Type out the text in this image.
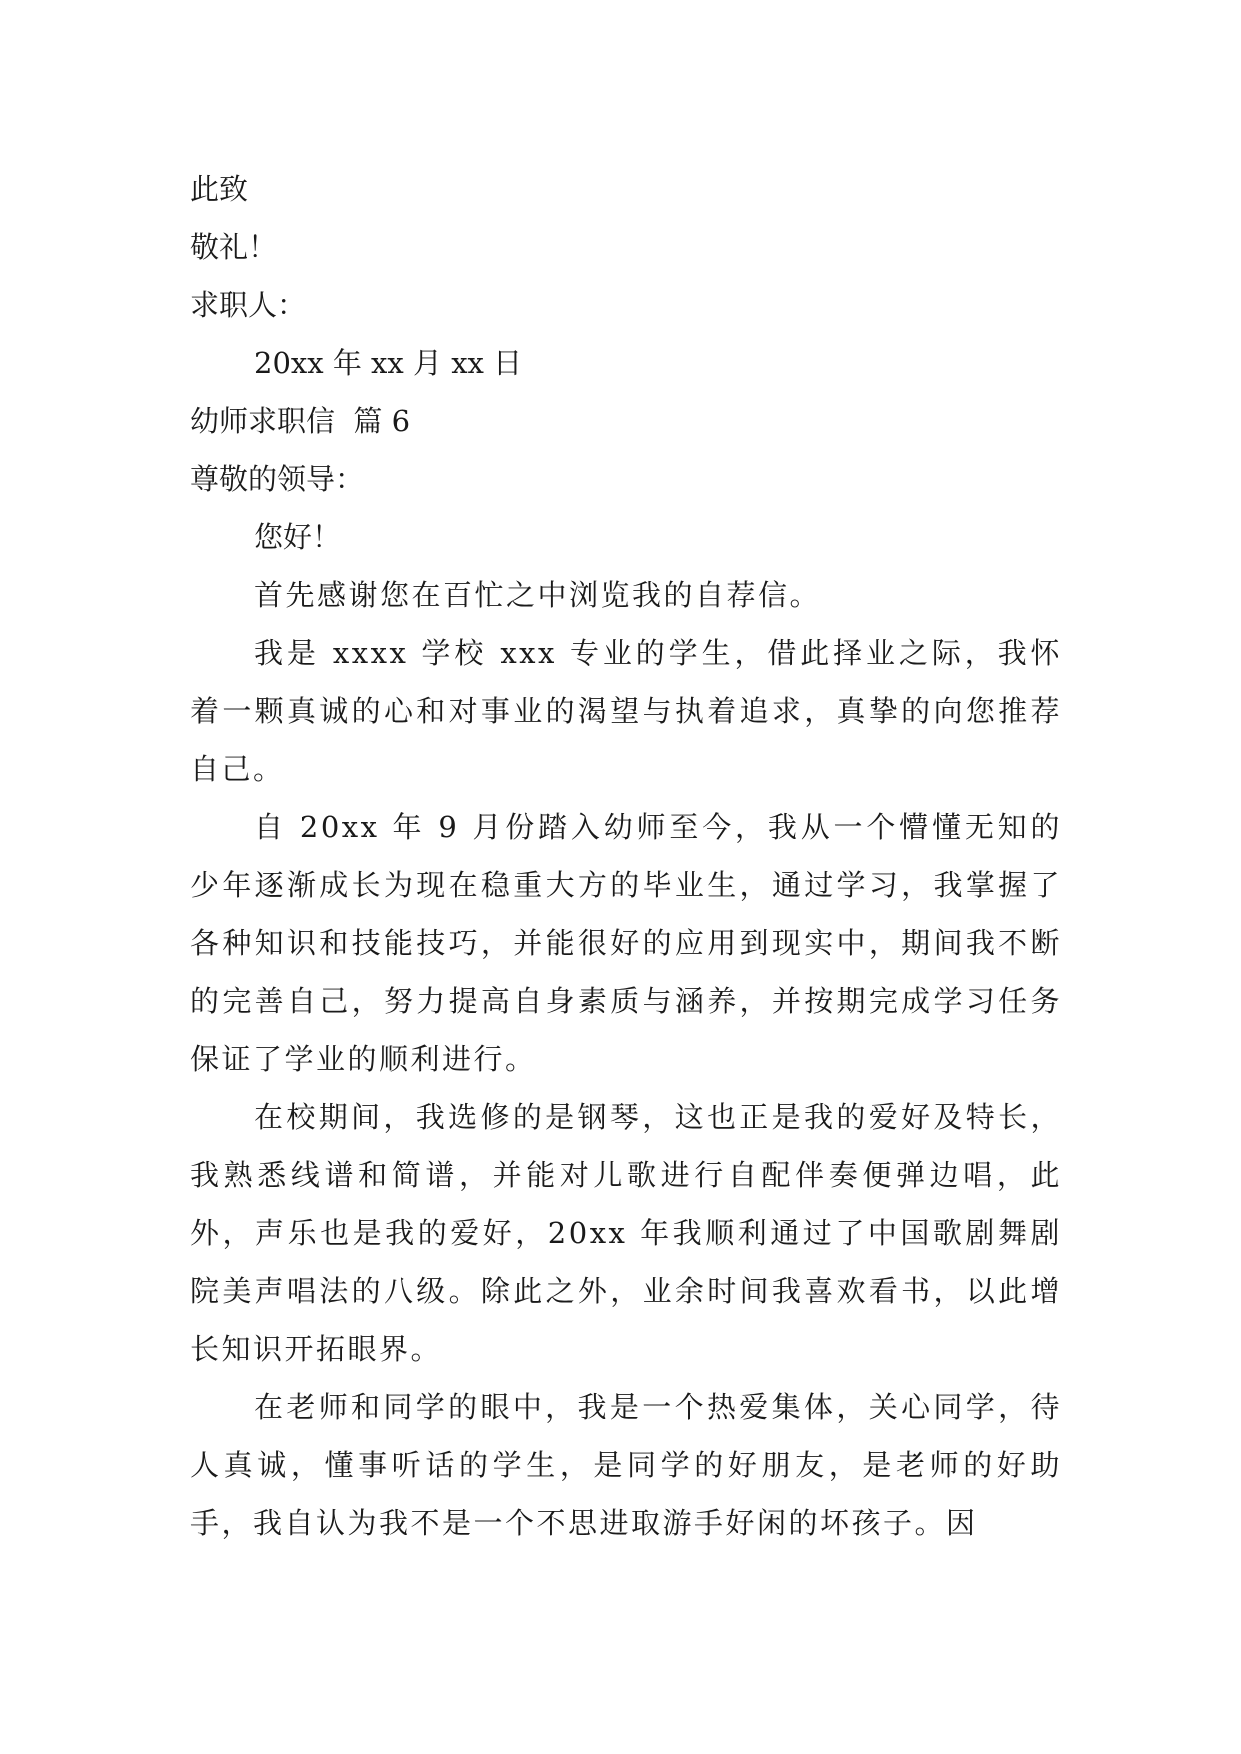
此致

敬礼！

求职人：

20xx 年 xx 月 xx 日

幼师求职信  篇 6

尊敬的领导：

您好！

首先感谢您在百忙之中浏览我的自荐信。

我是 xxxx 学校 xxx 专业的学生，借此择业之际，我怀着一颗真诚的心和对事业的渴望与执着追求，真挚的向您推荐自己。

自 20xx 年 9 月份踏入幼师至今，我从一个懵懂无知的少年逐渐成长为现在稳重大方的毕业生，通过学习，我掌握了各种知识和技能技巧，并能很好的应用到现实中，期间我不断的完善自己，努力提高自身素质与涵养，并按期完成学习任务保证了学业的顺利进行。

在校期间，我选修的是钢琴，这也正是我的爱好及特长，我熟悉线谱和简谱，并能对儿歌进行自配伴奏便弹边唱，此外，声乐也是我的爱好，20xx 年我顺利通过了中国歌剧舞剧院美声唱法的八级。除此之外，业余时间我喜欢看书，以此增长知识开拓眼界。

在老师和同学的眼中，我是一个热爱集体，关心同学，待人真诚，懂事听话的学生，是同学的好朋友，是老师的好助手，我自认为我不是一个不思进取游手好闲的坏孩子。因
